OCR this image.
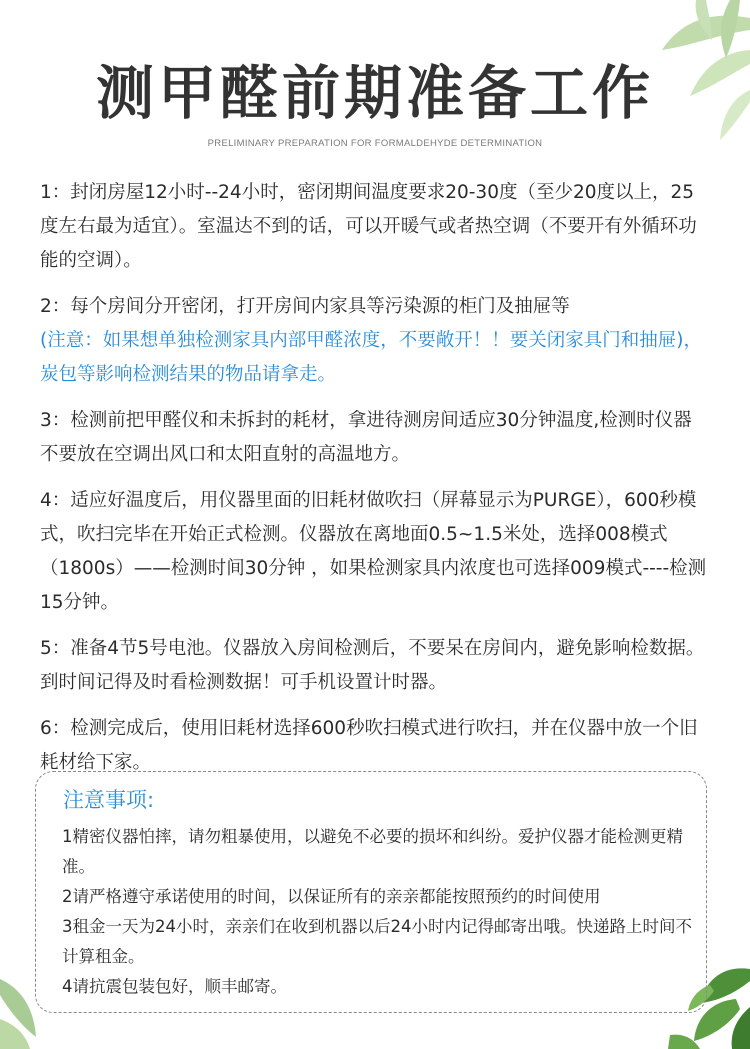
测甲醛前期准备工作
PRELIMINARY PREPARATION FOR FORMALDEHYDE DETERMINATION

1：封闭房屋12小时--24小时，密闭期间温度要求20-30度（至少20度以上，25度左右最为适宜）。室温达不到的话，可以开暖气或者热空调（不要开有外循环功能的空调）。

2：每个房间分开密闭，打开房间内家具等污染源的柜门及抽屉等
(注意：如果想单独检测家具内部甲醛浓度，不要敞开！！要关闭家具门和抽屉)，炭包等影响检测结果的物品请拿走。

3：检测前把甲醛仪和未拆封的耗材，拿进待测房间适应30分钟温度,检测时仪器不要放在空调出风口和太阳直射的高温地方。

4：适应好温度后，用仪器里面的旧耗材做吹扫（屏幕显示为PURGE），600秒模式，吹扫完毕在开始正式检测。仪器放在离地面0.5~1.5米处，选择008模式（1800s）——检测时间30分钟 ，如果检测家具内浓度也可选择009模式----检测15分钟。

5：准备4节5号电池。仪器放入房间检测后，不要呆在房间内，避免影响检数据。到时间记得及时看检测数据！可手机设置计时器。

6：检测完成后，使用旧耗材选择600秒吹扫模式进行吹扫，并在仪器中放一个旧耗材给下家。

注意事项:

1精密仪器怕摔，请勿粗暴使用，以避免不必要的损坏和纠纷。爱护仪器才能检测更精准。

2请严格遵守承诺使用的时间，以保证所有的亲亲都能按照预约的时间使用

3租金一天为24小时，亲亲们在收到机器以后24小时内记得邮寄出哦。快递路上时间不计算租金。

4请抗震包装包好，顺丰邮寄。
